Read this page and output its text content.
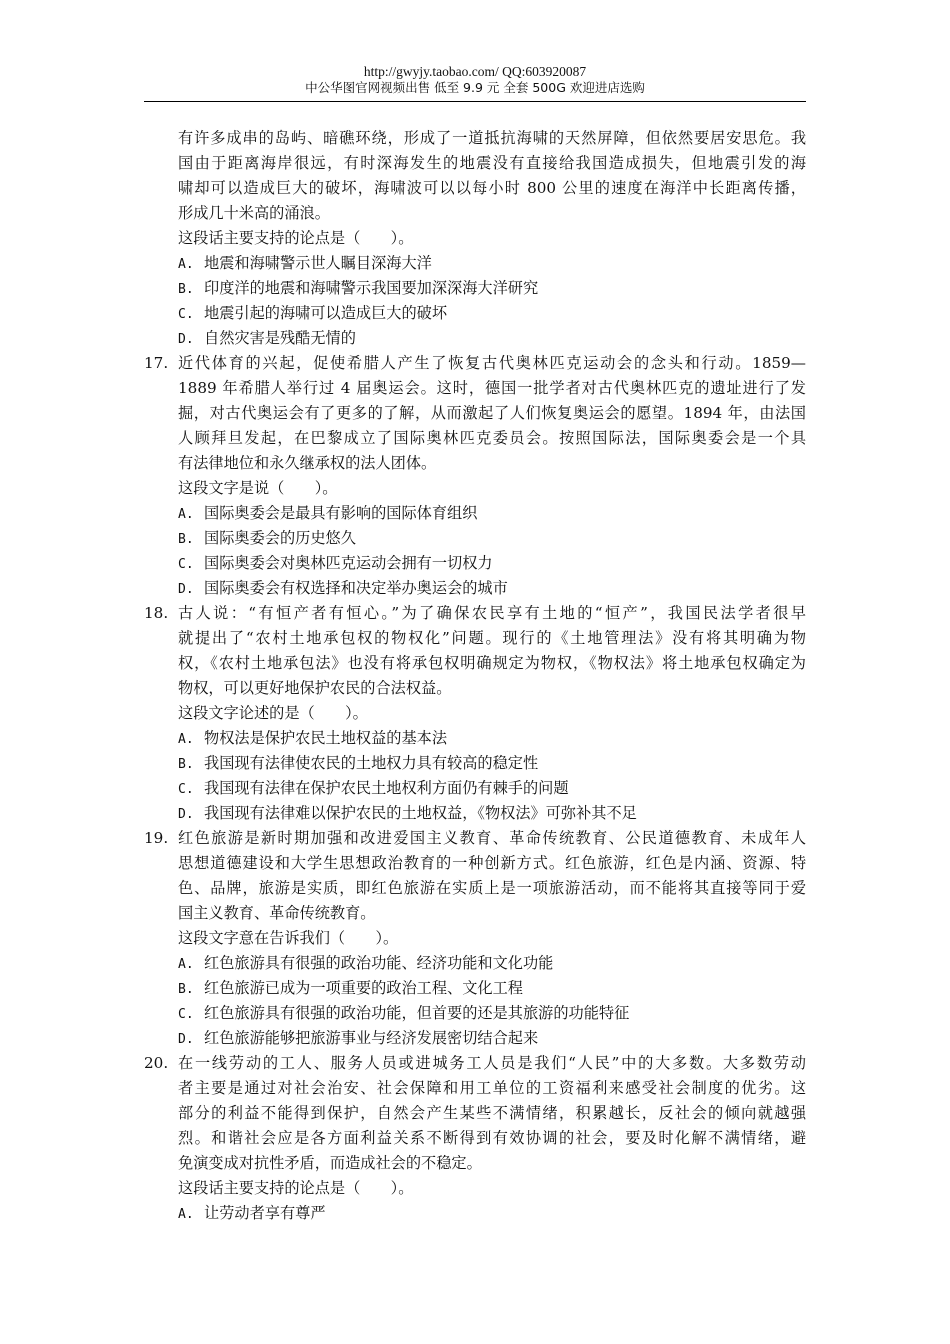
http://gwyjy.taobao.com/ QQ:603920087
中公华图官网视频出售 低至 9.9 元 全套 500G 欢迎进店选购
有许多成串的岛屿、暗礁环绕，形成了一道抵抗海啸的天然屏障，但依然要居安思危。我
国由于距离海岸很远，有时深海发生的地震没有直接给我国造成损失，但地震引发的海
啸却可以造成巨大的破坏，海啸波可以以每小时 800 公里的速度在海洋中长距离传播，
形成几十米高的涌浪。
这段话主要支持的论点是（　　）。
A. 地震和海啸警示世人瞩目深海大洋
B. 印度洋的地震和海啸警示我国要加深深海大洋研究
C. 地震引起的海啸可以造成巨大的破坏
D. 自然灾害是残酷无情的
17. 近代体育的兴起，促使希腊人产生了恢复古代奥林匹克运动会的念头和行动。1859—
1889 年希腊人举行过 4 届奥运会。这时，德国一批学者对古代奥林匹克的遗址进行了发
掘，对古代奥运会有了更多的了解，从而激起了人们恢复奥运会的愿望。1894 年，由法国
人顾拜旦发起，在巴黎成立了国际奥林匹克委员会。按照国际法，国际奥委会是一个具
有法律地位和永久继承权的法人团体。
这段文字是说（　　）。
A. 国际奥委会是最具有影响的国际体育组织
B. 国际奥委会的历史悠久
C. 国际奥委会对奥林匹克运动会拥有一切权力
D. 国际奥委会有权选择和决定举办奥运会的城市
18. 古人说：“有恒产者有恒心。”为了确保农民享有土地的“恒产”，我国民法学者很早
就提出了“农村土地承包权的物权化”问题。现行的《土地管理法》没有将其明确为物
权，《农村土地承包法》也没有将承包权明确规定为物权，《物权法》将土地承包权确定为
物权，可以更好地保护农民的合法权益。
这段文字论述的是（　　）。
A. 物权法是保护农民土地权益的基本法
B. 我国现有法律使农民的土地权力具有较高的稳定性
C. 我国现有法律在保护农民土地权利方面仍有棘手的问题
D. 我国现有法律难以保护农民的土地权益，《物权法》可弥补其不足
19. 红色旅游是新时期加强和改进爱国主义教育、革命传统教育、公民道德教育、未成年人
思想道德建设和大学生思想政治教育的一种创新方式。红色旅游，红色是内涵、资源、特
色、品牌，旅游是实质，即红色旅游在实质上是一项旅游活动，而不能将其直接等同于爱
国主义教育、革命传统教育。
这段文字意在告诉我们（　　）。
A. 红色旅游具有很强的政治功能、经济功能和文化功能
B. 红色旅游已成为一项重要的政治工程、文化工程
C. 红色旅游具有很强的政治功能，但首要的还是其旅游的功能特征
D. 红色旅游能够把旅游事业与经济发展密切结合起来
20. 在一线劳动的工人、服务人员或进城务工人员是我们“人民”中的大多数。大多数劳动
者主要是通过对社会治安、社会保障和用工单位的工资福利来感受社会制度的优劣。这
部分的利益不能得到保护，自然会产生某些不满情绪，积累越长，反社会的倾向就越强
烈。和谐社会应是各方面利益关系不断得到有效协调的社会，要及时化解不满情绪，避
免演变成对抗性矛盾，而造成社会的不稳定。
这段话主要支持的论点是（　　）。
A. 让劳动者享有尊严
